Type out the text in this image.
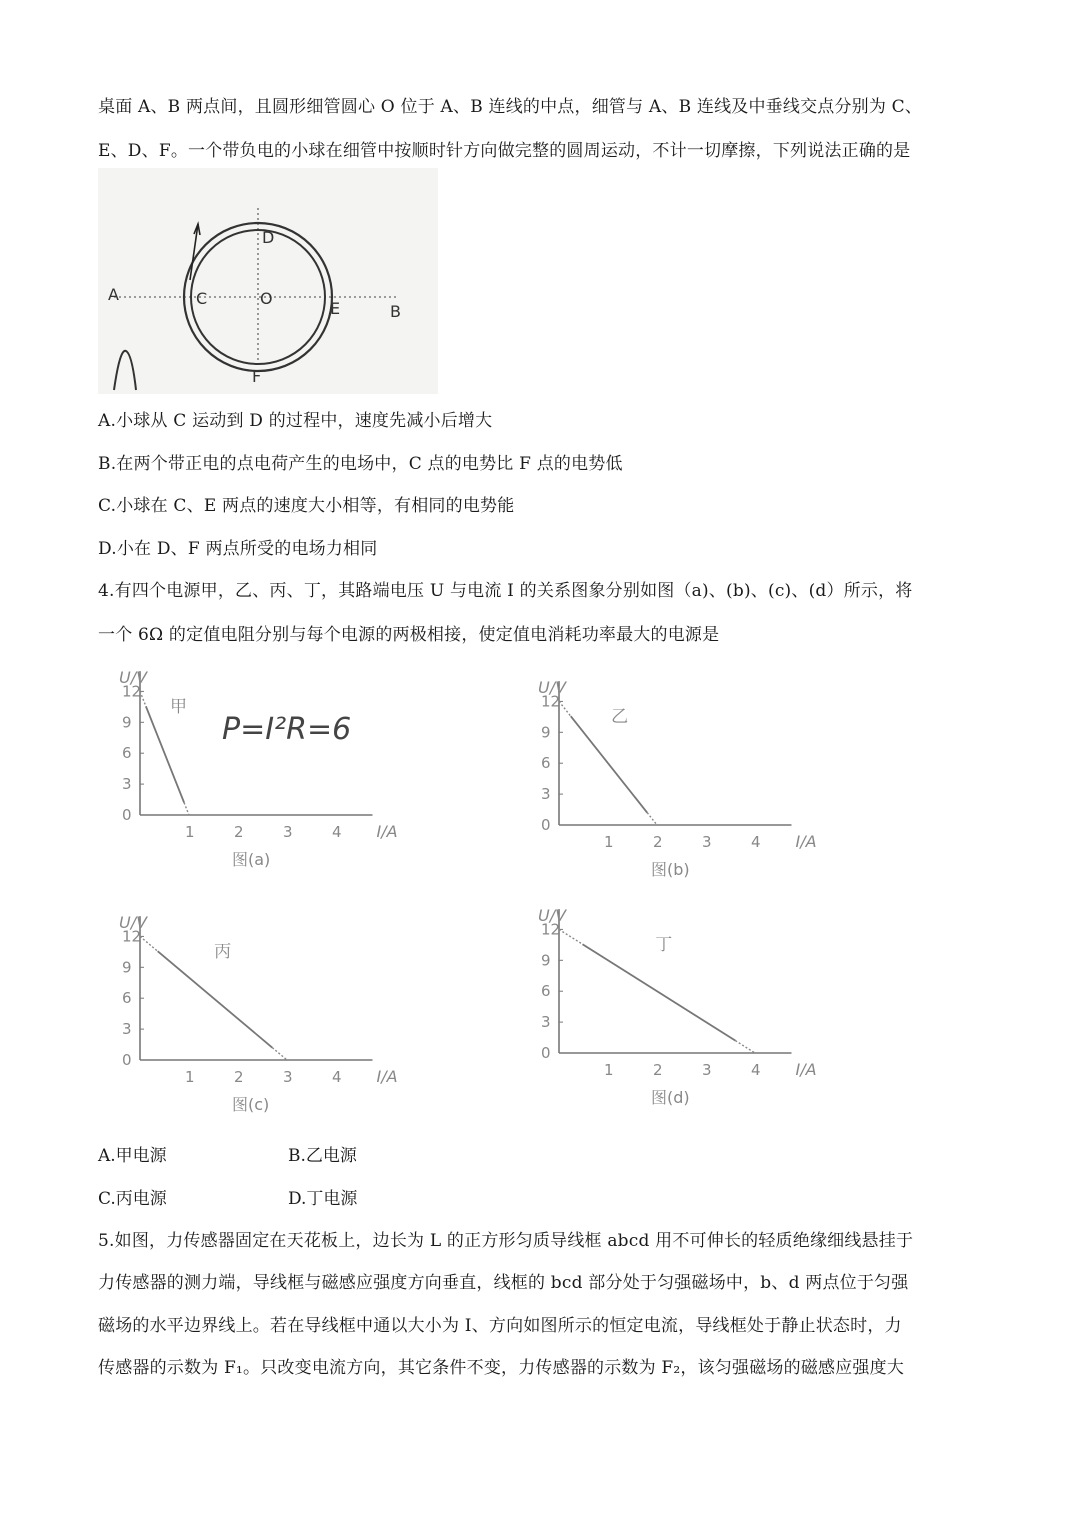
桌面 A、B 两点间，且圆形细管圆心 O 位于 A、B 连线的中点，细管与 A、B 连线及中垂线交点分别为 C、
E、D、F。一个带负电的小球在细管中按顺时针方向做完整的圆周运动，不计一切摩擦，下列说法正确的是
A
B
C
D
E
F
O
A.小球从 C 运动到 D 的过程中，速度先减小后增大
B.在两个带正电的点电荷产生的电场中，C 点的电势比 F 点的电势低
C.小球在 C、E 两点的速度大小相等，有相同的电势能
D.小在 D、F 两点所受的电场力相同
4.有四个电源甲，乙、丙、丁，其路端电压 U 与电流 I 的关系图象分别如图（a)、(b)、(c)、(d）所示，将
一个 6Ω 的定值电阻分别与每个电源的两极相接，使定值电消耗功率最大的电源是
P=I²R=6
U/V
I/A
0
3
6
9
12
1	2	3	4
甲
图(a)
U/V
I/A
0
3
6
9
12
1	2	3	4
乙
图(b)
U/V
I/A
0
3
6
9
12
1	2	3	4
丙
图(c)
U/V
I/A
0
3
6
9
12
1	2	3	4
丁
图(d)
A.甲电源	B.乙电源
C.丙电源	D.丁电源
5.如图，力传感器固定在天花板上，边长为 L 的正方形匀质导线框 abcd 用不可伸长的轻质绝缘细线悬挂于
力传感器的测力端，导线框与磁感应强度方向垂直，线框的 bcd 部分处于匀强磁场中，b、d 两点位于匀强
磁场的水平边界线上。若在导线框中通以大小为 I、方向如图所示的恒定电流，导线框处于静止状态时，力
传感器的示数为 F₁。只改变电流方向，其它条件不变，力传感器的示数为 F₂，该匀强磁场的磁感应强度大
